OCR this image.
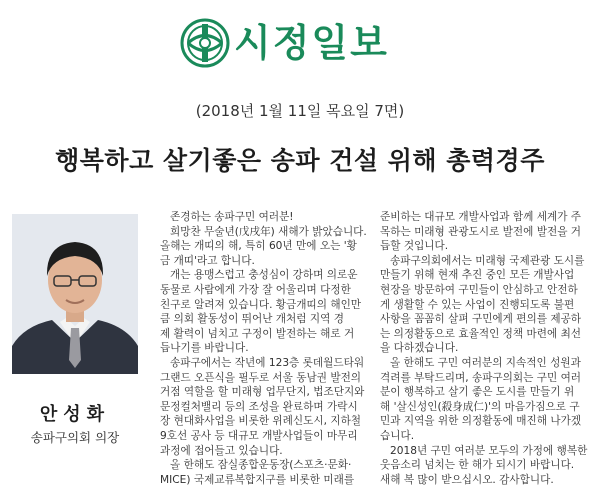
시정일보
(2018년 1월 11일 목요일 7면)
행복하고 살기좋은 송파 건설 위해 총력경주
안성화
송파구의회 의장

존경하는 송파구민 여러분!

희망찬 무술년(戊戌年) 새해가 밝았습니다.

올해는 개띠의 해, 특히 60년 만에 오는 '황

금 개띠'라고 합니다.

개는 용맹스럽고 충성심이 강하며 의로운

동물로 사람에게 가장 잘 어울리며 다정한

친구로 알려져 있습니다. 황금개띠의 해인만

큼 의회 활동성이 뛰어난 개처럼 지역 경

제 활력이 넘치고 구정이 발전하는 해로 거

듭나기를 바랍니다.

송파구에서는 작년에 123층 롯데월드타워

그랜드 오픈식을 필두로 서울 동남권 발전의

거점 역할을 할 미래형 업무단지, 법조단지와

문정컬처밸리 등의 조성을 완료하며 가락시

장 현대화사업을 비롯한 위례신도시, 지하철

9호선 공사 등 대규모 개발사업들이 마무리

과정에 접어들고 있습니다.

올 한해도 잠실종합운동장(스포츠·문화·

MICE) 국제교류복합지구를 비롯한 미래를

준비하는 대규모 개발사업과 함께 세계가 주

목하는 미래형 관광도시로 발전에 발전을 거

듭할 것입니다.

송파구의회에서는 미래형 국제관광 도시를

만들기 위해 현재 추진 중인 모든 개발사업

현장을 방문하여 구민들이 안심하고 안전하

게 생활할 수 있는 사업이 진행되도록 불편

사항을 꼼꼼히 살펴 구민에게 편의를 제공하

는 의정활동으로 효율적인 정책 마련에 최선

을 다하겠습니다.

올 한해도 구민 여러분의 지속적인 성원과

격려를 부탁드리며, 송파구의회는 구민 여러

분이 행복하고 살기 좋은 도시를 만들기 위

해 '살신성인(殺身成仁)'의 마음가짐으로 구

민과 지역을 위한 의정활동에 매진해 나가겠

습니다.

2018년 구민 여러분 모두의 가정에 행복한

웃음소리 넘치는 한 해가 되시기 바랍니다.

새해 복 많이 받으십시오. 감사합니다.
